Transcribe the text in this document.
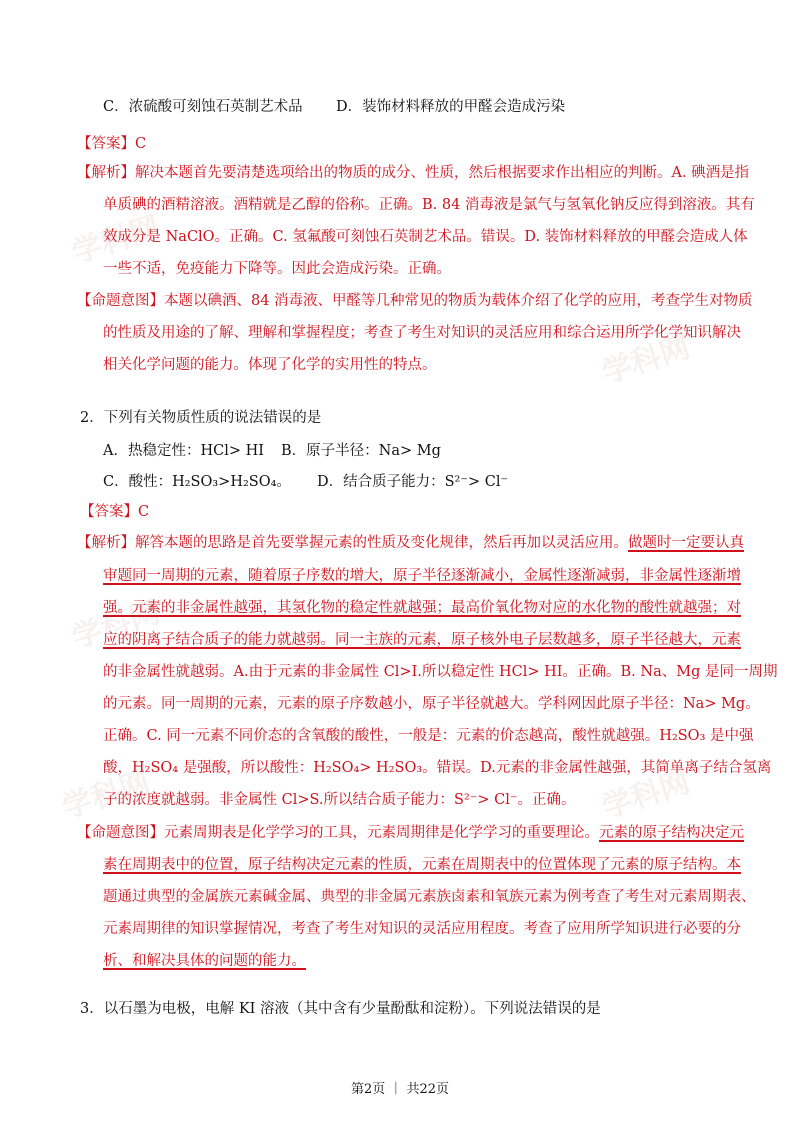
学科网
学科网
学科网
学科网	学科网
C．浓硫酸可刻蚀石英制艺术品 D．装饰材料释放的甲醛会造成污染
【答案】C
【解析】解决本题首先要清楚选项给出的物质的成分、性质，然后根据要求作出相应的判断。A. 碘酒是指
单质碘的酒精溶液。酒精就是乙醇的俗称。正确。B. 84 消毒液是氯气与氢氧化钠反应得到溶液。其有
效成分是 NaClO。正确。C. 氢氟酸可刻蚀石英制艺术品。错误。D. 装饰材料释放的甲醛会造成人体
一些不适，免疫能力下降等。因此会造成污染。正确。
【命题意图】本题以碘酒、84 消毒液、甲醛等几种常见的物质为载体介绍了化学的应用，考查学生对物质
的性质及用途的了解、理解和掌握程度；考查了考生对知识的灵活应用和综合运用所学化学知识解决
相关化学问题的能力。体现了化学的实用性的特点。
2．下列有关物质性质的说法错误的是
A．热稳定性：HCl> HI B．原子半径：Na> Mg
C．酸性：H₂SO₃>H₂SO₄。 D．结合质子能力：S²⁻> Cl⁻
【答案】C
【解析】解答本题的思路是首先要掌握元素的性质及变化规律，然后再加以灵活应用。做题时一定要认真
审题同一周期的元素，随着原子序数的增大，原子半径逐渐减小，金属性逐渐减弱，非金属性逐渐增
强。元素的非金属性越强，其氢化物的稳定性就越强；最高价氧化物对应的水化物的酸性就越强；对
应的阴离子结合质子的能力就越弱。同一主族的元素，原子核外电子层数越多，原子半径越大，元素
的非金属性就越弱。A.由于元素的非金属性 Cl>I.所以稳定性 HCl> HI。正确。B. Na、Mg 是同一周期
的元素。同一周期的元素，元素的原子序数越小，原子半径就越大。学科网因此原子半径：Na> Mg。
正确。C. 同一元素不同价态的含氧酸的酸性，一般是：元素的价态越高，酸性就越强。H₂SO₃ 是中强
酸，H₂SO₄ 是强酸，所以酸性：H₂SO₄> H₂SO₃。错误。D.元素的非金属性越强，其简单离子结合氢离
子的浓度就越弱。非金属性 Cl>S.所以结合质子能力：S²⁻> Cl⁻。正确。
【命题意图】元素周期表是化学学习的工具，元素周期律是化学学习的重要理论。元素的原子结构决定元
素在周期表中的位置，原子结构决定元素的性质，元素在周期表中的位置体现了元素的原子结构。本
题通过典型的金属族元素碱金属、典型的非金属元素族卤素和氧族元素为例考查了考生对元素周期表、
元素周期律的知识掌握情况，考查了考生对知识的灵活应用程度。考查了应用所学知识进行必要的分
析、和解决具体的问题的能力。
3．以石墨为电极，电解 KI 溶液（其中含有少量酚酞和淀粉）。下列说法错误的是
第2页 ｜ 共22页
